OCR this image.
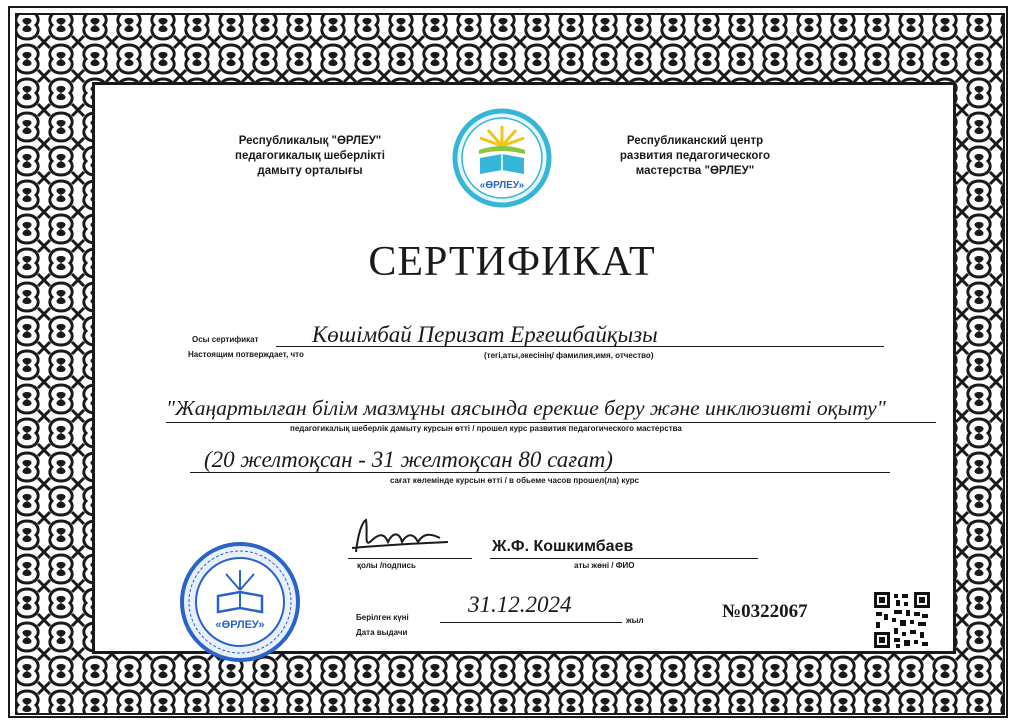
Республикалық "ӨРЛЕУ"
педагогикалық шеберлікті
дамыту орталығы
Республиканский центр
развития педагогического
мастерства "ӨРЛЕУ"
«ӨРЛЕУ»
СЕРТИФИКАТ
Осы сертификат
Настоящим потверждает, что
Көшімбай Перизат Ерғешбайқызы
(тегі,аты,әкесінің/ фамилия,имя, отчество)
"Жаңартылған білім мазмұны аясында ерекше беру және инклюзивті оқыту"
педагогикалық шеберлік дамыту курсын өтті / прошел курс развития педагогического мастерства
(20 желтоқсан - 31 желтоқсан 80 сағат)
сағат көлемінде курсын өтті / в обьеме часов прошел(ла) курс
«ӨРЛЕУ»
қолы /подпись
Ж.Ф. Кошкимбаев
аты жөні / ФИО
Берілген күні
Дата выдачи
31.12.2024
жыл	№0322067
